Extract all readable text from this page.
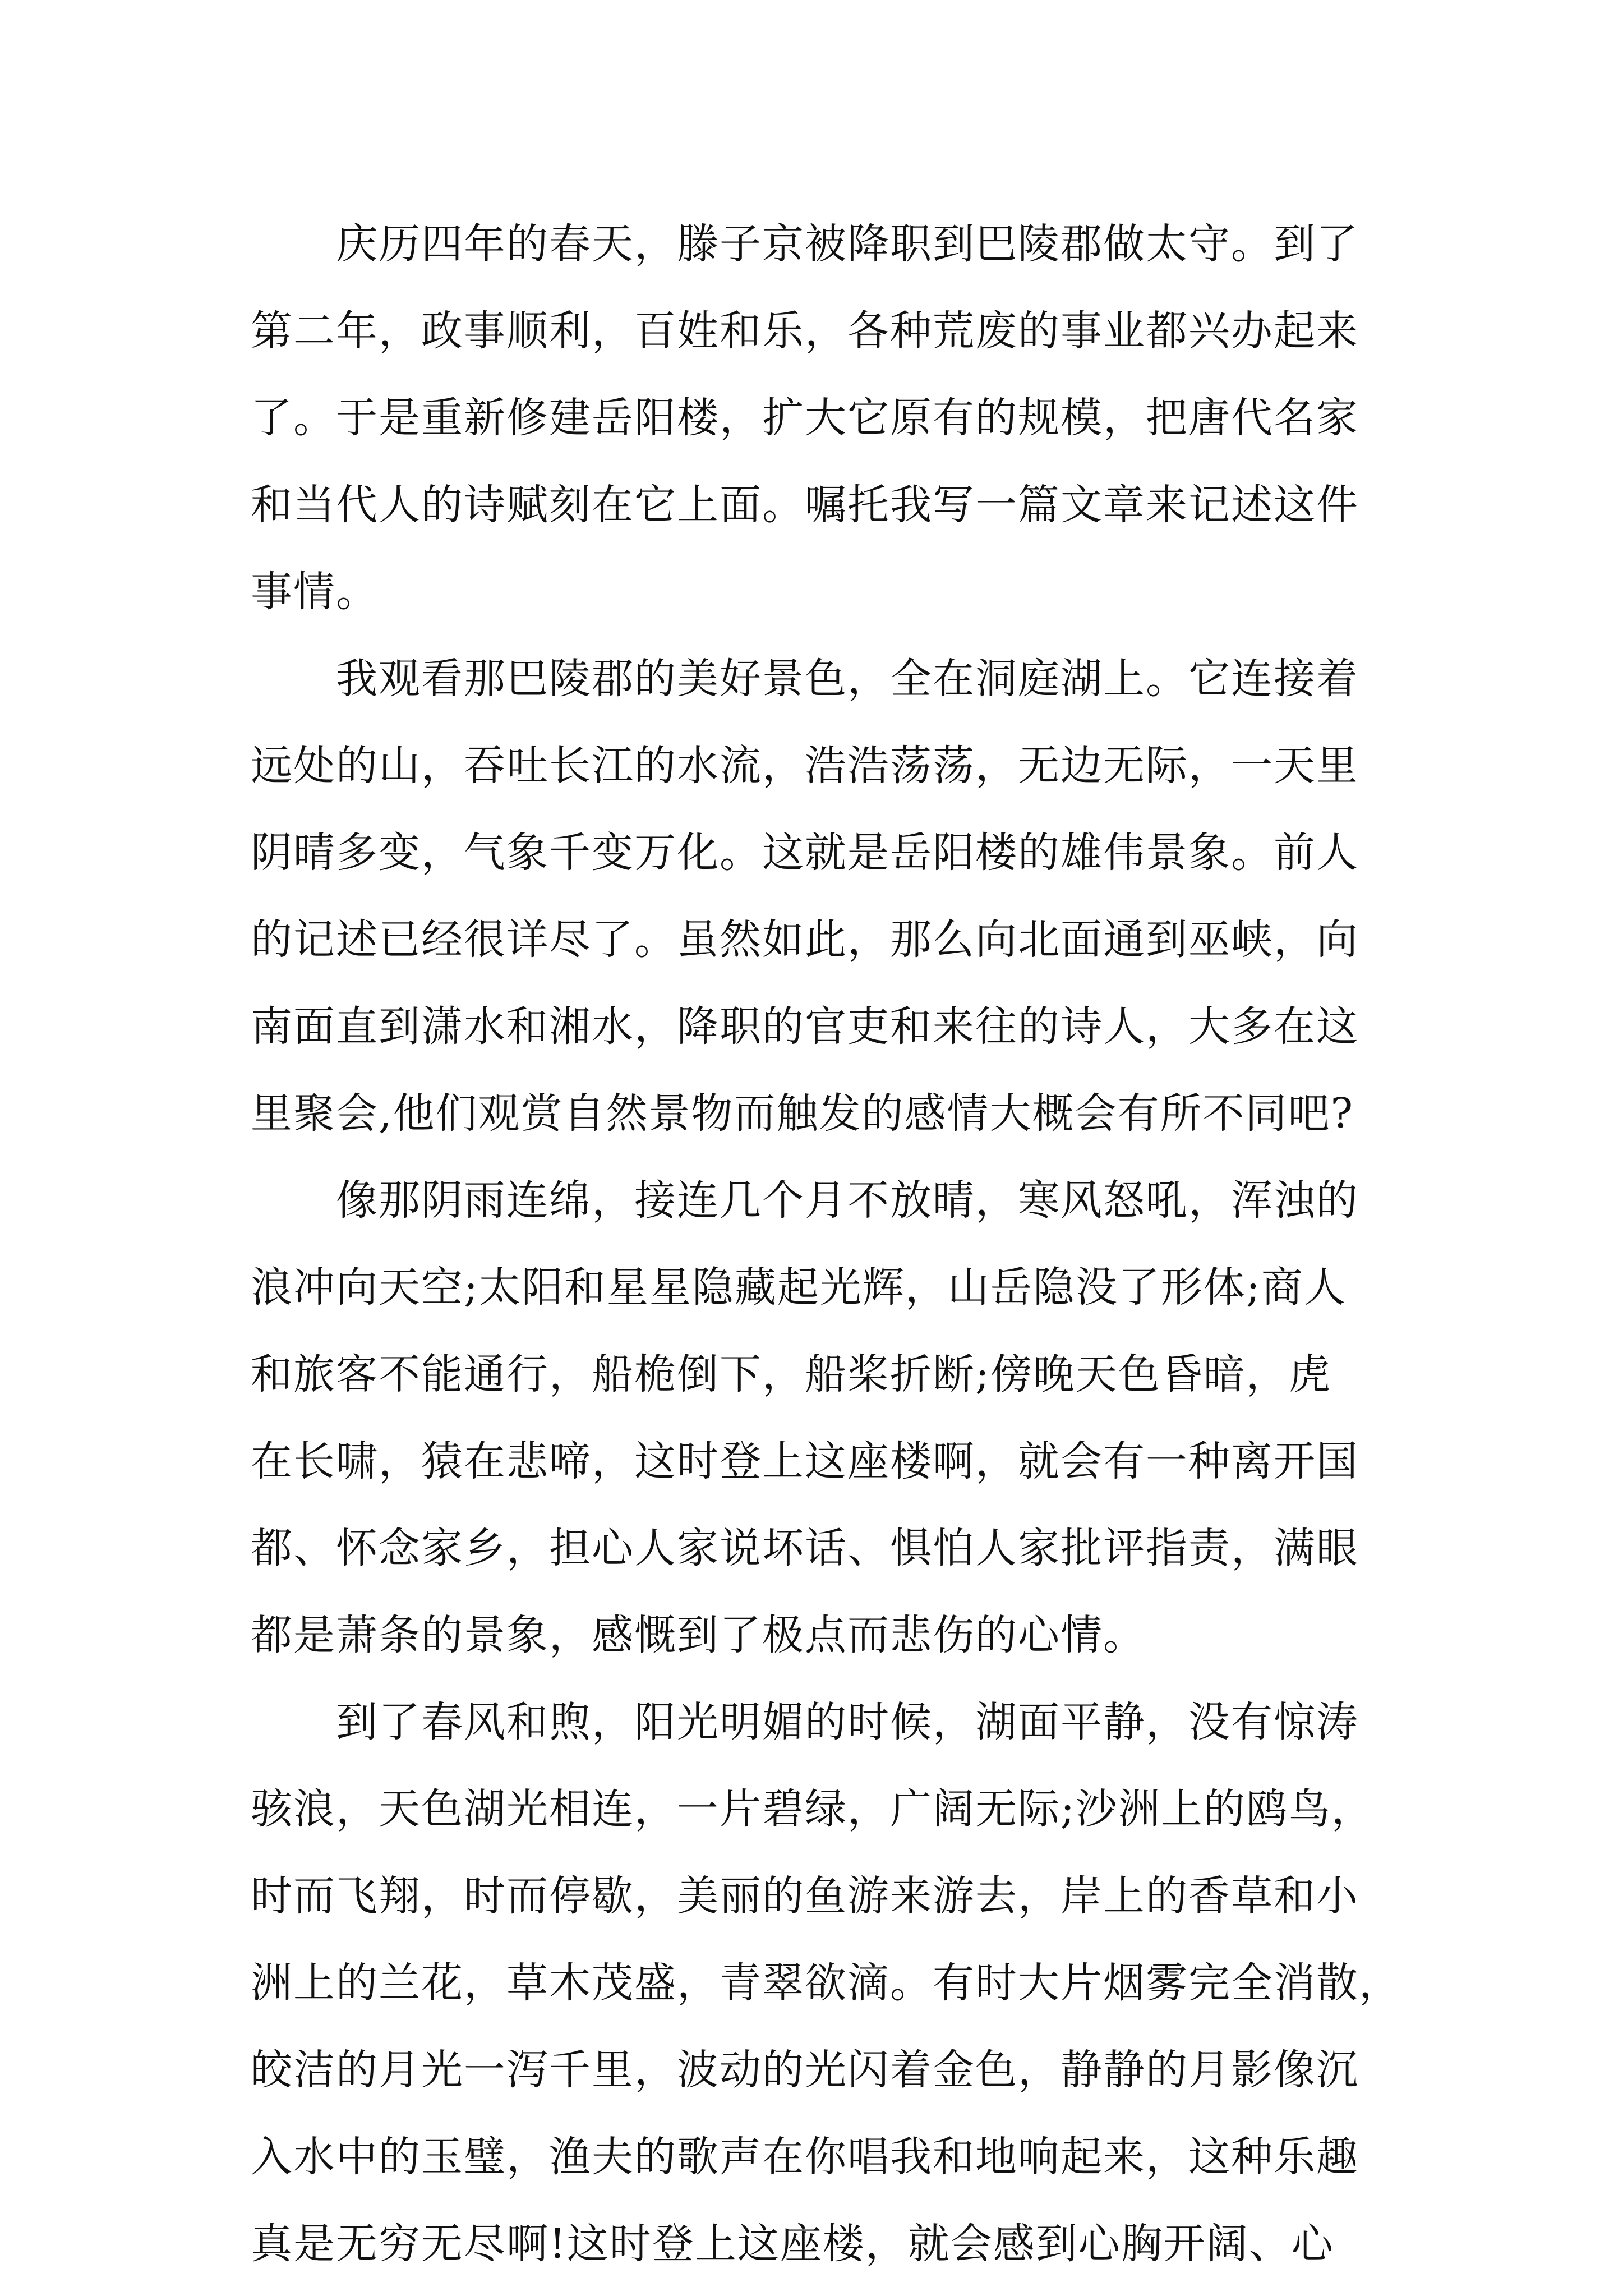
庆历四年的春天，滕子京被降职到巴陵郡做太守。到了
第二年，政事顺利，百姓和乐，各种荒废的事业都兴办起来
了。于是重新修建岳阳楼，扩大它原有的规模，把唐代名家
和当代人的诗赋刻在它上面。嘱托我写一篇文章来记述这件
事情。
我观看那巴陵郡的美好景色，全在洞庭湖上。它连接着
远处的山，吞吐长江的水流，浩浩荡荡，无边无际，一天里
阴晴多变，气象千变万化。这就是岳阳楼的雄伟景象。前人
的记述已经很详尽了。虽然如此，那么向北面通到巫峡，向
南面直到潇水和湘水，降职的官吏和来往的诗人，大多在这
里聚会,他们观赏自然景物而触发的感情大概会有所不同吧?
像那阴雨连绵，接连几个月不放晴，寒风怒吼，浑浊的
浪冲向天空;太阳和星星隐藏起光辉，山岳隐没了形体;商人
和旅客不能通行，船桅倒下，船桨折断;傍晚天色昏暗，虎
在长啸，猿在悲啼，这时登上这座楼啊，就会有一种离开国
都、怀念家乡，担心人家说坏话、惧怕人家批评指责，满眼
都是萧条的景象，感慨到了极点而悲伤的心情。
到了春风和煦，阳光明媚的时候，湖面平静，没有惊涛
骇浪，天色湖光相连，一片碧绿，广阔无际;沙洲上的鸥鸟，
时而飞翔，时而停歇，美丽的鱼游来游去，岸上的香草和小
洲上的兰花，草木茂盛，青翠欲滴。有时大片烟雾完全消散，
皎洁的月光一泻千里，波动的光闪着金色，静静的月影像沉
入水中的玉璧，渔夫的歌声在你唱我和地响起来，这种乐趣
真是无穷无尽啊!这时登上这座楼，就会感到心胸开阔、心
